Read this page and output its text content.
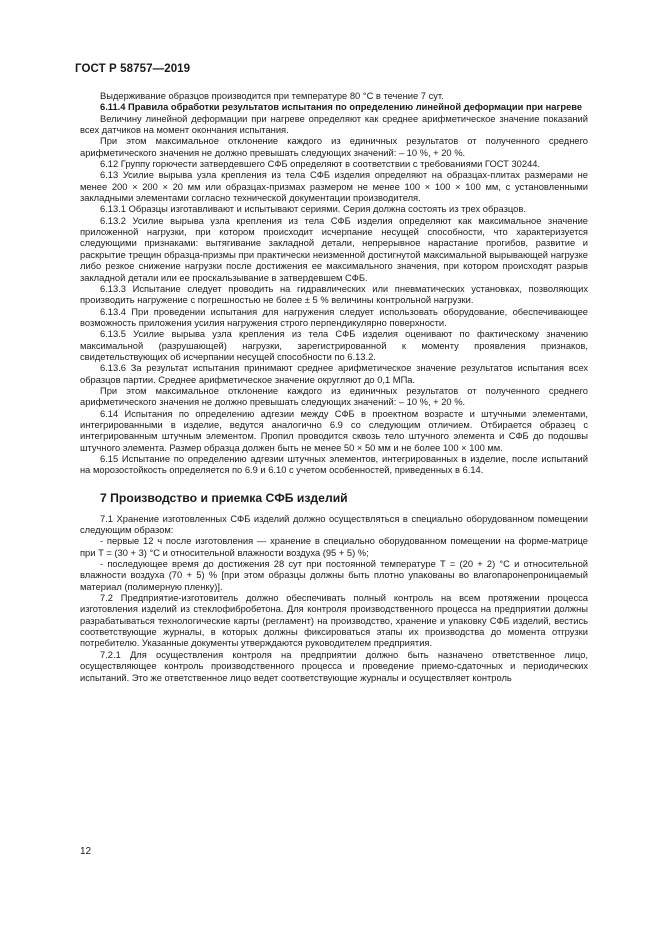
ГОСТ Р 58757—2019

Выдерживание образцов производится при температуре 80 °С в течение 7 сут.

6.11.4 Правила обработки результатов испытания по определению линейной деформации при нагреве

Величину линейной деформации при нагреве определяют как среднее арифметическое значение показаний всех датчиков на момент окончания испытания.

При этом максимальное отклонение каждого из единичных результатов от полученного среднего арифметического значения не должно превышать следующих значений: – 10 %, + 20 %.

6.12 Группу горючести затвердевшего СФБ определяют в соответствии с требованиями ГОСТ 30244.

6.13 Усилие вырыва узла крепления из тела СФБ изделия определяют на образцах-плитах размерами не менее 200 × 200 × 20 мм или образцах-призмах размером не менее 100 × 100 × 100 мм, с установленными закладными элементами согласно технической документации производителя.

6.13.1 Образцы изготавливают и испытывают сериями. Серия должна состоять из трех образцов.

6.13.2 Усилие вырыва узла крепления из тела СФБ изделия определяют как максимальное значение приложенной нагрузки, при котором происходит исчерпание несущей способности, что характеризуется следующими признаками: вытягивание закладной детали, непрерывное нарастание прогибов, развитие и раскрытие трещин образца-призмы при практически неизменной достигнутой максимальной вырывающей нагрузке либо резкое снижение нагрузки после достижения ее максимального значения, при котором происходят разрыв закладной детали или ее проскальзывание в затвердевшем СФБ.

6.13.3 Испытание следует проводить на гидравлических или пневматических установках, позволяющих производить нагружение с погрешностью не более ± 5 % величины контрольной нагрузки.

6.13.4 При проведении испытания для нагружения следует использовать оборудование, обеспечивающее возможность приложения усилия нагружения строго перпендикулярно поверхности.

6.13.5 Усилие вырыва узла крепления из тела СФБ изделия оценивают по фактическому значению максимальной (разрушающей) нагрузки, зарегистрированной к моменту проявления признаков, свидетельствующих об исчерпании несущей способности по 6.13.2.

6.13.6 За результат испытания принимают среднее арифметическое значение результатов испытания всех образцов партии. Среднее арифметическое значение округляют до 0,1 МПа.

При этом максимальное отклонение каждого из единичных результатов от полученного среднего арифметического значения не должно превышать следующих значений: – 10 %, + 20 %.

6.14 Испытания по определению адгезии между СФБ в проектном возрасте и штучными элементами, интегрированными в изделие, ведутся аналогично 6.9 со следующим отличием. Отбирается образец с интегрированным штучным элементом. Пропил проводится сквозь тело штучного элемента и СФБ до подошвы штучного элемента. Размер образца должен быть не менее 50 × 50 мм и не более 100 × 100 мм.

6.15 Испытание по определению адгезии штучных элементов, интегрированных в изделие, после испытаний на морозостойкость определяется по 6.9 и 6.10 с учетом особенностей, приведенных в 6.14.

7 Производство и приемка СФБ изделий

7.1 Хранение изготовленных СФБ изделий должно осуществляться в специально оборудованном помещении следующим образом:

- первые 12 ч после изготовления — хранение в специально оборудованном помещении на форме-матрице при Т = (30 + 3) °С и относительной влажности воздуха (95 + 5) %;

- последующее время до достижения 28 сут при постоянной температуре Т = (20 + 2) °С и относительной влажности воздуха (70 + 5) % [при этом образцы должны быть плотно упакованы во влагопаронепроницаемый материал (полимерную пленку)].

7.2 Предприятие-изготовитель должно обеспечивать полный контроль на всем протяжении процесса изготовления изделий из стеклофибробетона. Для контроля производственного процесса на предприятии должны разрабатываться технологические карты (регламент) на производство, хранение и упаковку СФБ изделий, вестись соответствующие журналы, в которых должны фиксироваться этапы их производства до момента отгрузки потребителю. Указанные документы утверждаются руководителем предприятия.

7.2.1 Для осуществления контроля на предприятии должно быть назначено ответственное лицо, осуществляющее контроль производственного процесса и проведение приемо-сдаточных и периодических испытаний. Это же ответственное лицо ведет соответствующие журналы и осуществляет контроль

12
